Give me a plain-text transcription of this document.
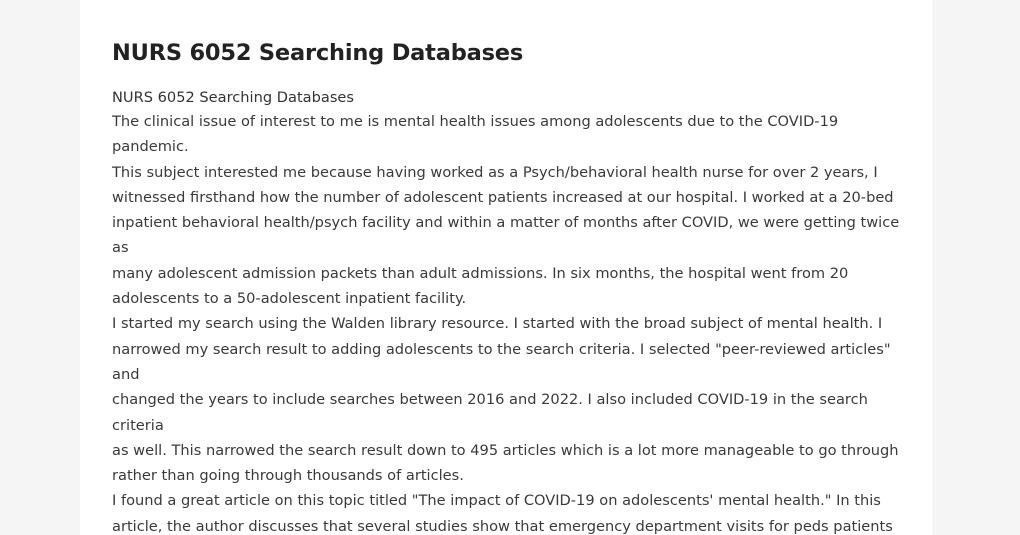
NURS 6052 Searching Databases
NURS 6052 Searching Databases

The clinical issue of interest to me is mental health issues among adolescents due to the COVID-19 pandemic.
This subject interested me because having worked as a Psych/behavioral health nurse for over 2 years, I
witnessed firsthand how the number of adolescent patients increased at our hospital. I worked at a 20-bed
inpatient behavioral health/psych facility and within a matter of months after COVID, we were getting twice as
many adolescent admission packets than adult admissions. In six months, the hospital went from 20
adolescents to a 50-adolescent inpatient facility.

I started my search using the Walden library resource. I started with the broad subject of mental health. I
narrowed my search result to adding adolescents to the search criteria. I selected "peer-reviewed articles" and
changed the years to include searches between 2016 and 2022. I also included COVID-19 in the search criteria
as well. This narrowed the search result down to 495 articles which is a lot more manageable to go through
rather than going through thousands of articles.

I found a great article on this topic titled "The impact of COVID-19 on adolescents' mental health." In this
article, the author discusses that several studies show that emergency department visits for peds patients
